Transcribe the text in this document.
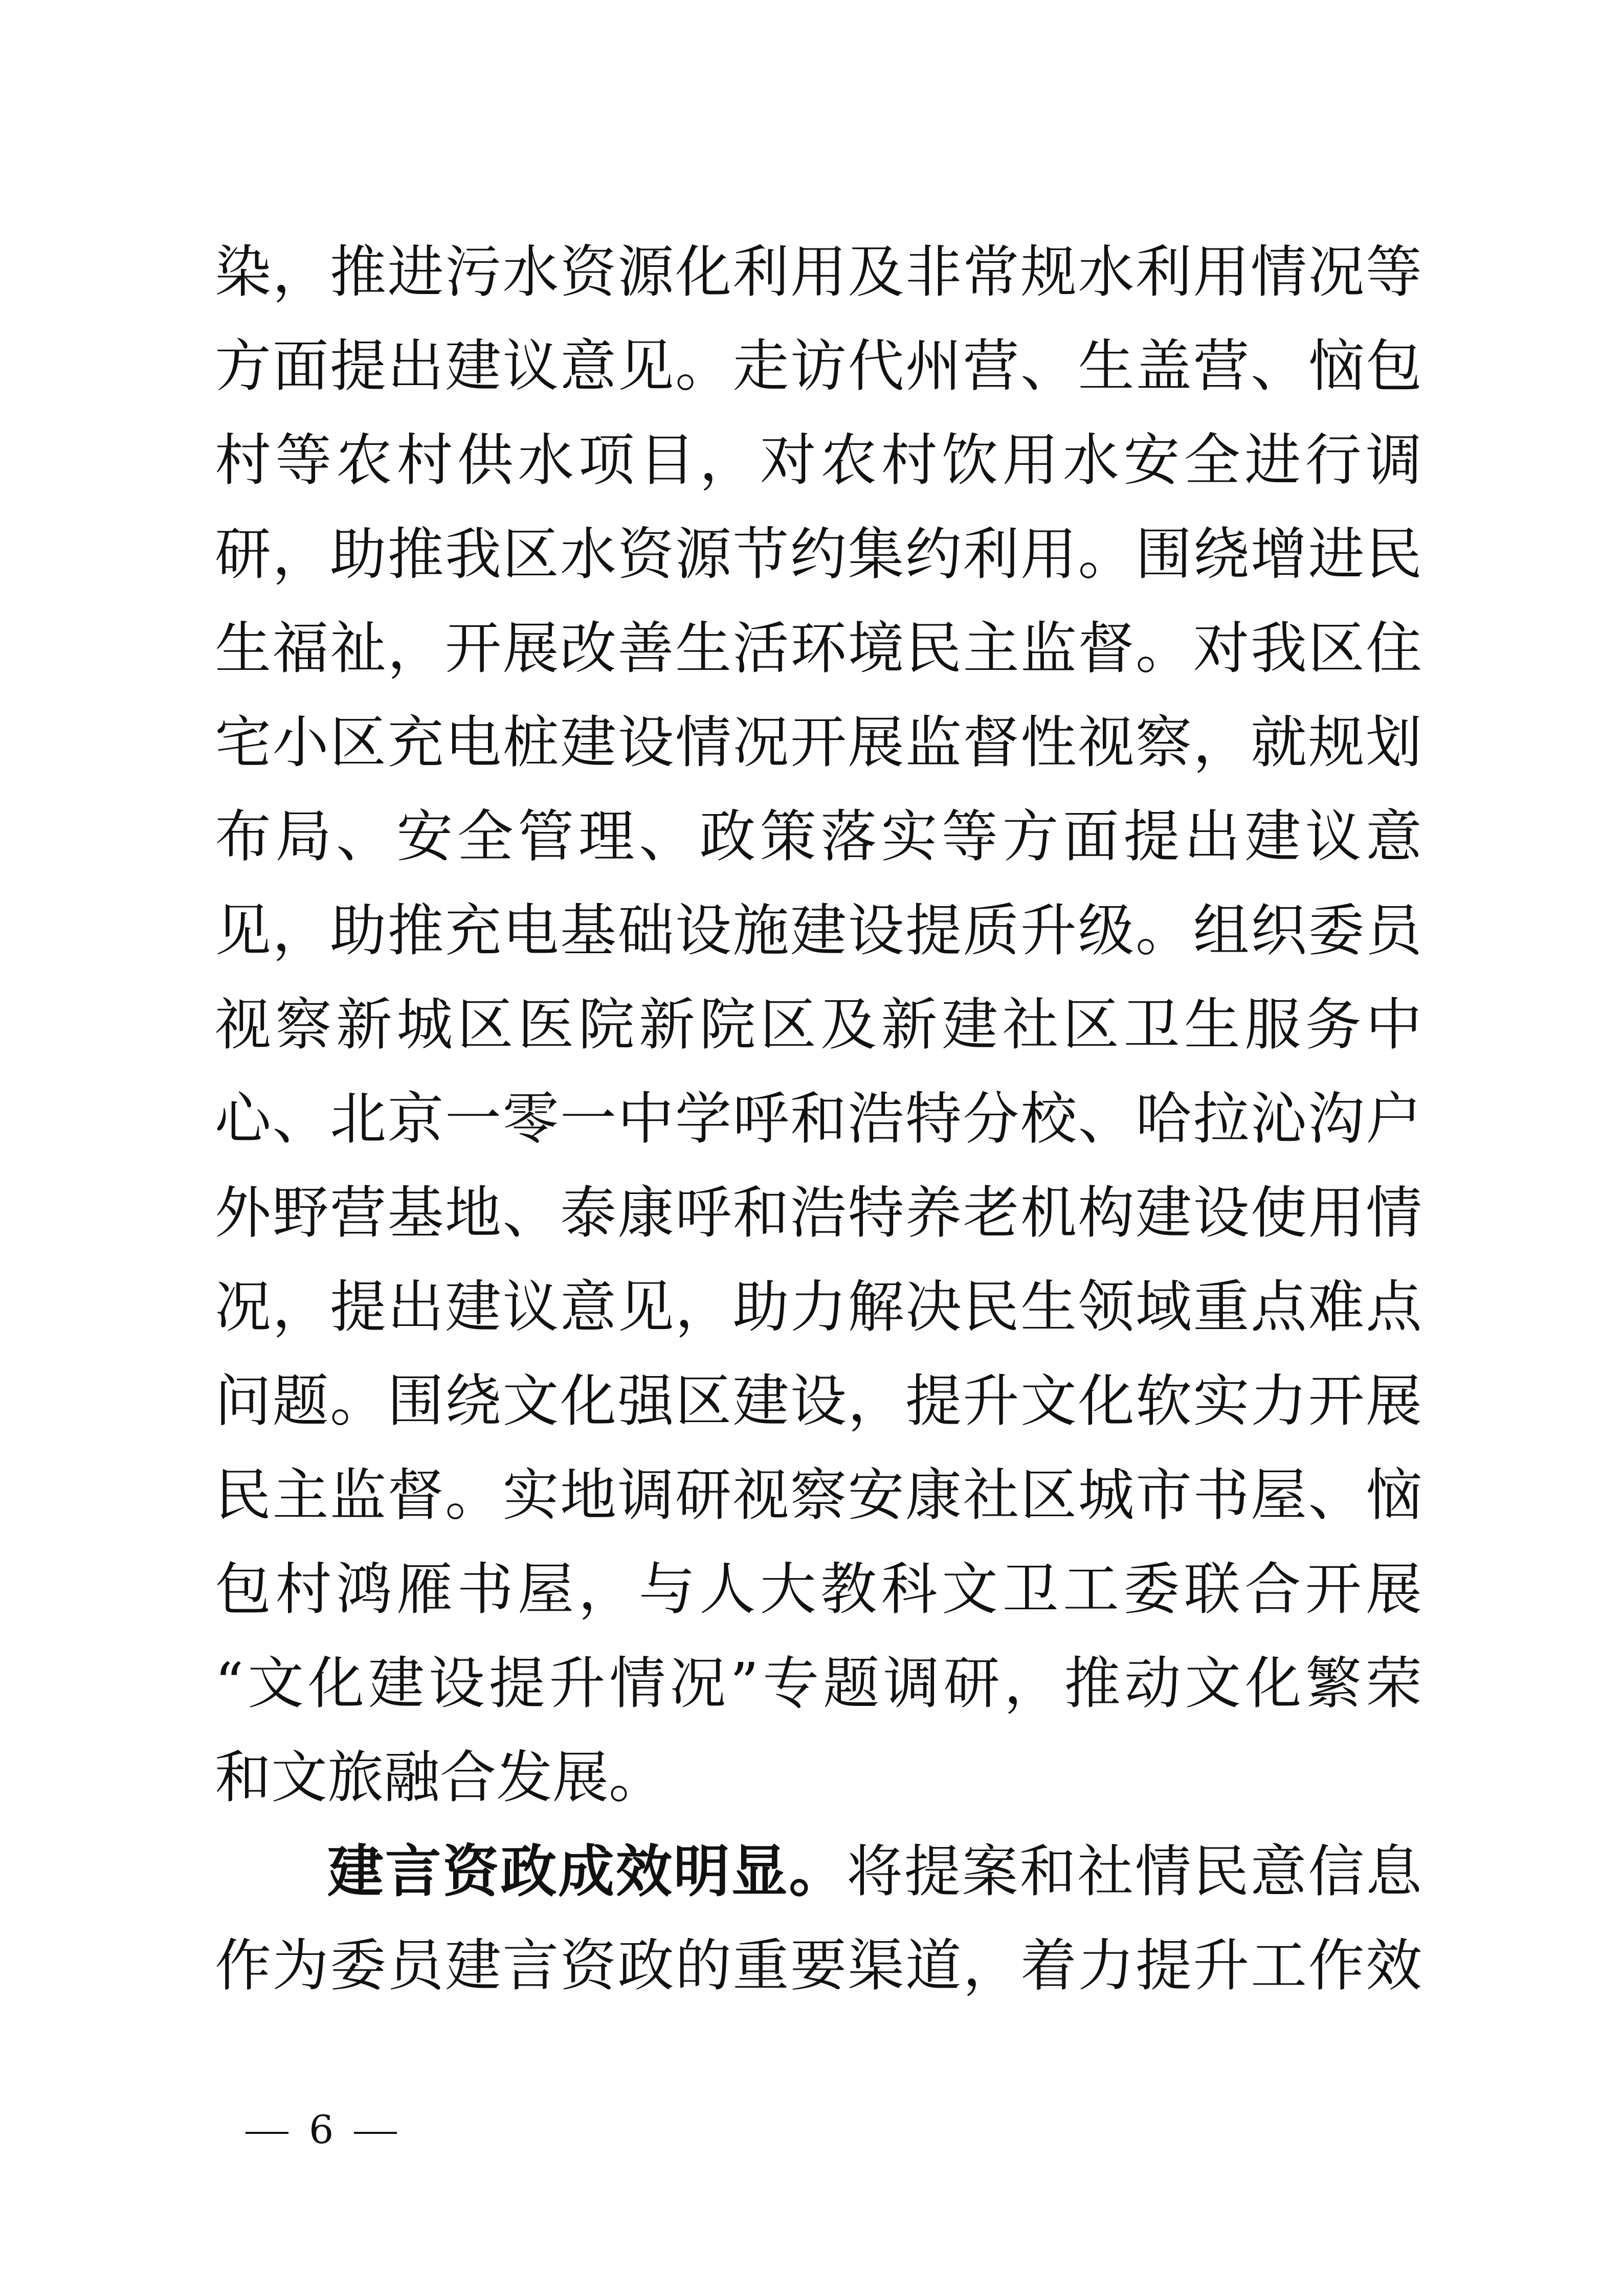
染，推进污水资源化利用及非常规水利用情况等
方面提出建议意见。走访代州营、生盖营、恼包
村等农村供水项目，对农村饮用水安全进行调
研，助推我区水资源节约集约利用。围绕增进民
生福祉，开展改善生活环境民主监督。对我区住
宅小区充电桩建设情况开展监督性视察，就规划
布局、安全管理、政策落实等方面提出建议意
见，助推充电基础设施建设提质升级。组织委员
视察新城区医院新院区及新建社区卫生服务中
心、北京一零一中学呼和浩特分校、哈拉沁沟户
外野营基地、泰康呼和浩特养老机构建设使用情
况，提出建议意见，助力解决民生领域重点难点
问题。围绕文化强区建设，提升文化软实力开展
民主监督。实地调研视察安康社区城市书屋、恼
包村鸿雁书屋，与人大教科文卫工委联合开展
“文化建设提升情况”专题调研，推动文化繁荣
和文旅融合发展。
建言资政成效明显。将提案和社情民意信息
作为委员建言资政的重要渠道，着力提升工作效
6
